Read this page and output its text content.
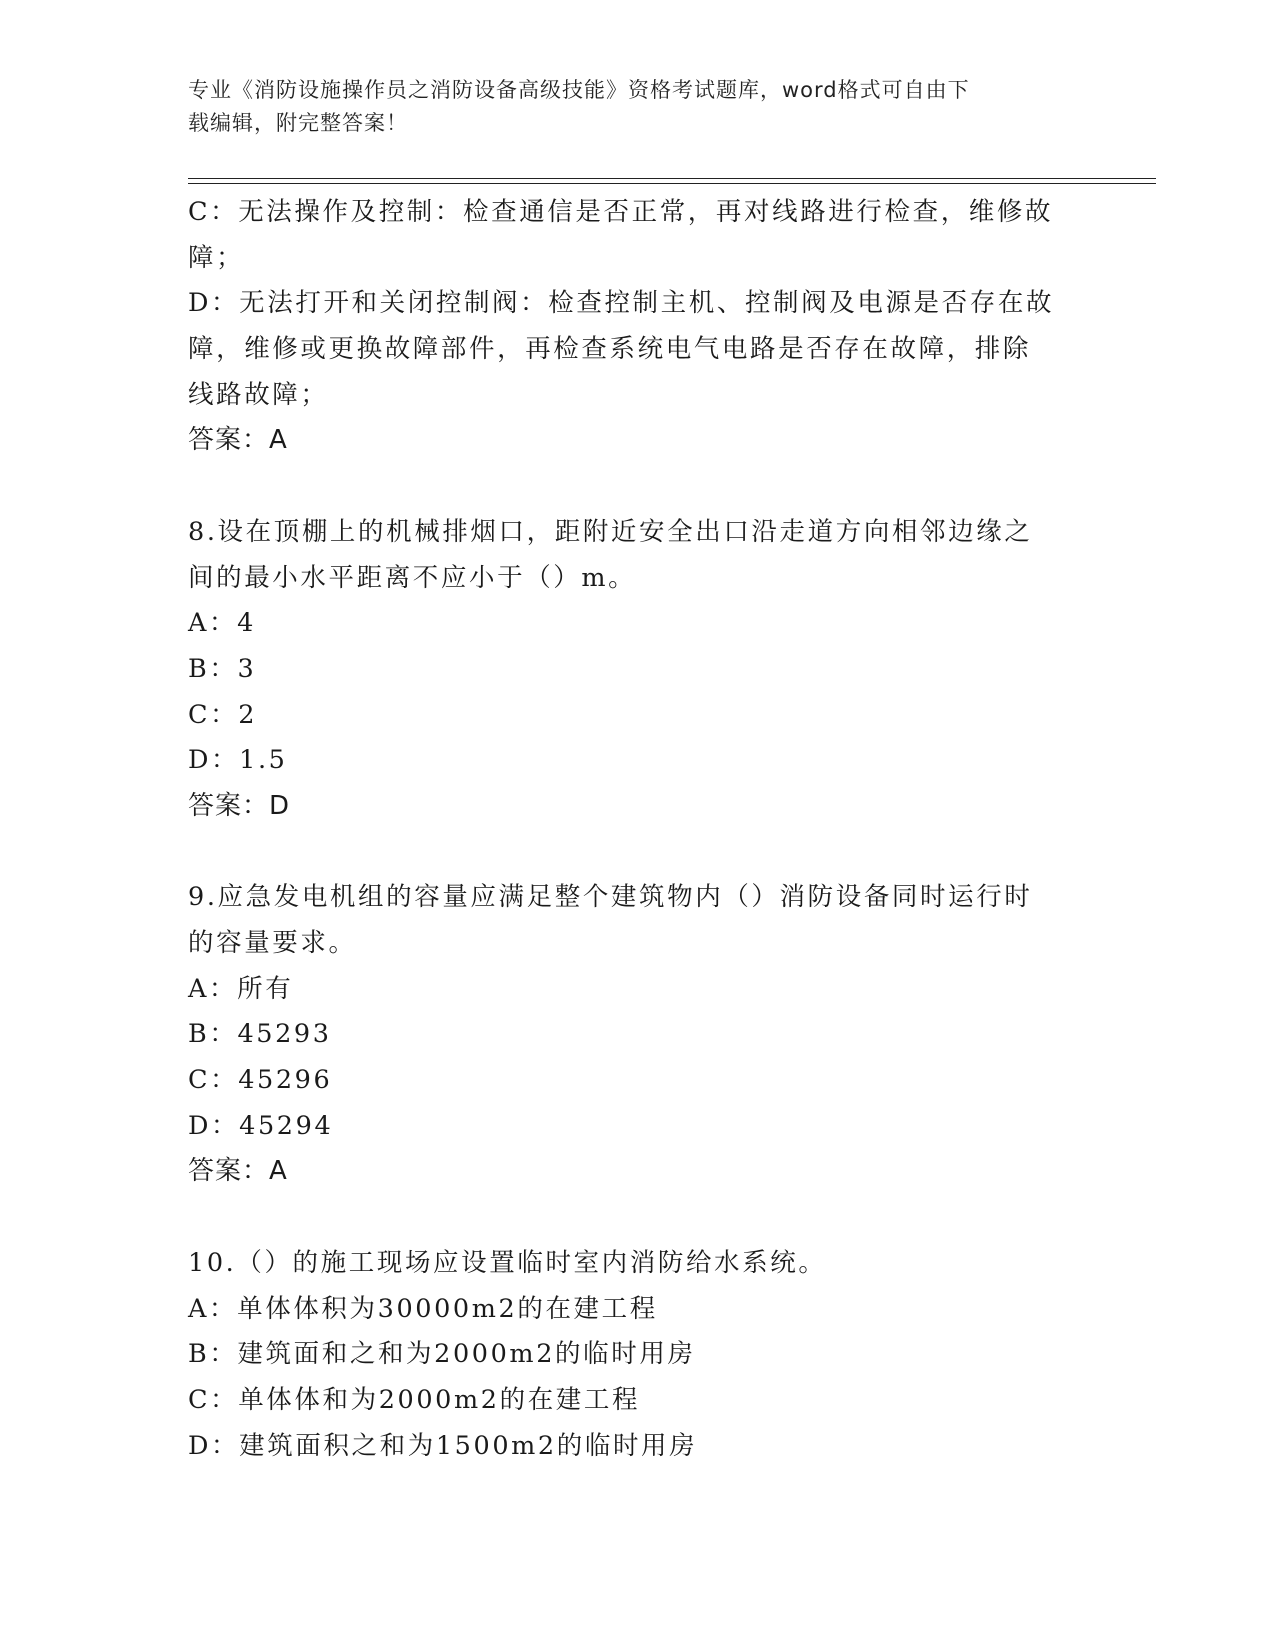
专业《消防设施操作员之消防设备高级技能》资格考试题库，word格式可自由下
载编辑，附完整答案！
C：无法操作及控制：检查通信是否正常，再对线路进行检查，维修故
障；
D：无法打开和关闭控制阀：检查控制主机、控制阀及电源是否存在故
障，维修或更换故障部件，再检查系统电气电路是否存在故障，排除
线路故障；
答案：A
8.设在顶棚上的机械排烟口，距附近安全出口沿走道方向相邻边缘之
间的最小水平距离不应小于（）m。
A：4
B：3
C：2
D：1.5
答案：D
9.应急发电机组的容量应满足整个建筑物内（）消防设备同时运行时
的容量要求。
A：所有
B：45293
C：45296
D：45294
答案：A
10.（）的施工现场应设置临时室内消防给水系统。
A：单体体积为30000m2的在建工程
B：建筑面和之和为2000m2的临时用房
C：单体体和为2000m2的在建工程
D：建筑面积之和为1500m2的临时用房
